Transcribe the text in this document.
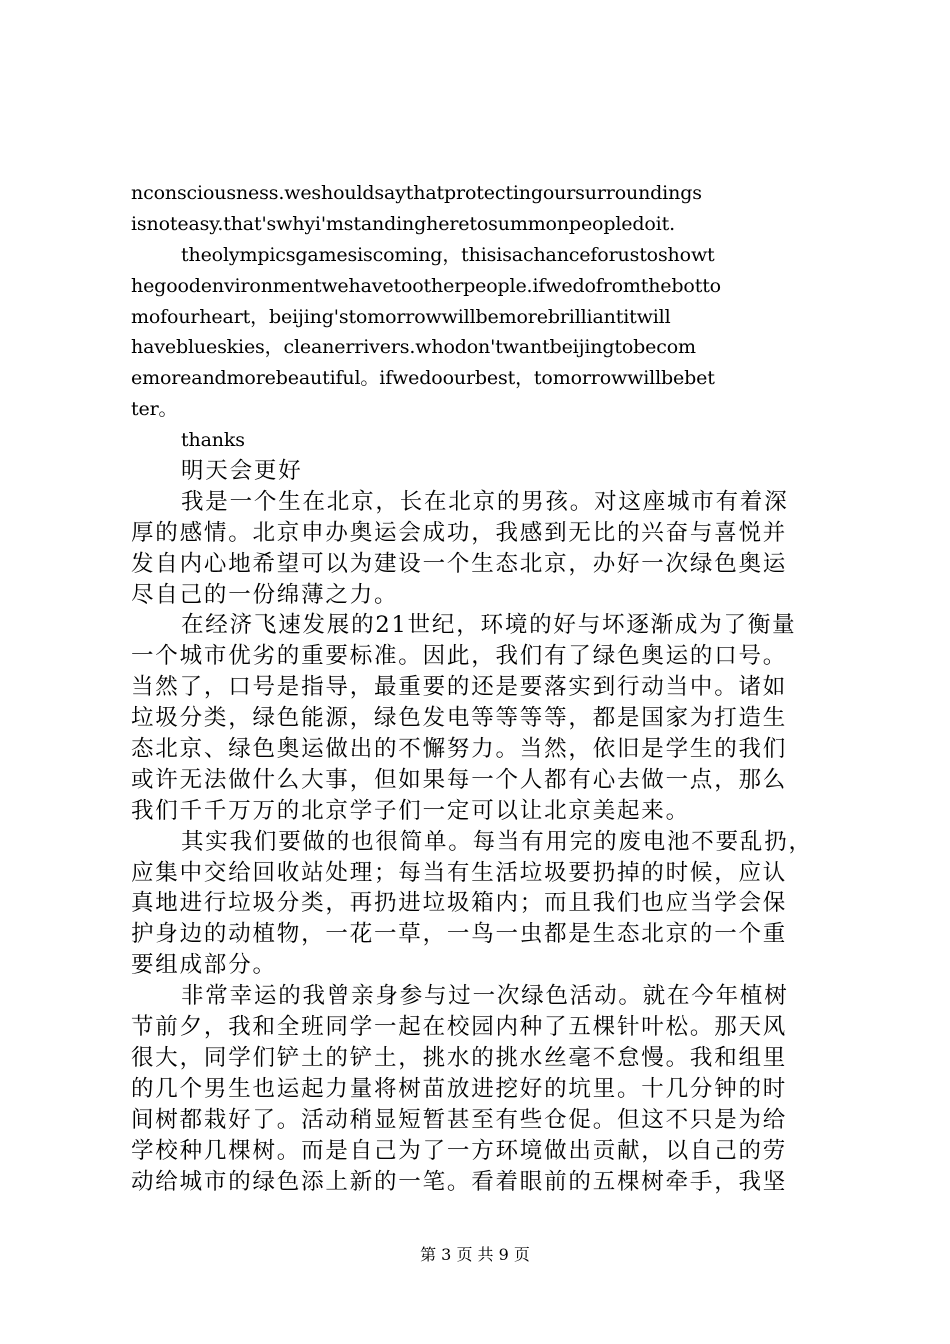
nconsciousness.weshouldsaythatprotectingoursurroundings
isnoteasy.that'swhyi'mstandingheretosummonpeopledoit.
theolympicsgamesiscoming，thisisachanceforustoshowt
hegoodenvironmentwehavetootherpeople.ifwedofromthebotto
mofourheart，beijing'stomorrowwillbemorebrilliantitwill
haveblueskies，cleanerrivers.whodon'twantbeijingtobecom
emoreandmorebeautiful。ifwedoourbest，tomorrowwillbebet
ter。
thanks
明天会更好
我是一个生在北京，长在北京的男孩。对这座城市有着深
厚的感情。北京申办奥运会成功，我感到无比的兴奋与喜悦并
发自内心地希望可以为建设一个生态北京，办好一次绿色奥运
尽自己的一份绵薄之力。
在经济飞速发展的21世纪，环境的好与坏逐渐成为了衡量
一个城市优劣的重要标准。因此，我们有了绿色奥运的口号。
当然了，口号是指导，最重要的还是要落实到行动当中。诸如
垃圾分类，绿色能源，绿色发电等等等等，都是国家为打造生
态北京、绿色奥运做出的不懈努力。当然，依旧是学生的我们
或许无法做什么大事，但如果每一个人都有心去做一点，那么
我们千千万万的北京学子们一定可以让北京美起来。
其实我们要做的也很简单。每当有用完的废电池不要乱扔，
应集中交给回收站处理；每当有生活垃圾要扔掉的时候，应认
真地进行垃圾分类，再扔进垃圾箱内；而且我们也应当学会保
护身边的动植物，一花一草，一鸟一虫都是生态北京的一个重
要组成部分。
非常幸运的我曾亲身参与过一次绿色活动。就在今年植树
节前夕，我和全班同学一起在校园内种了五棵针叶松。那天风
很大，同学们铲土的铲土，挑水的挑水丝毫不怠慢。我和组里
的几个男生也运起力量将树苗放进挖好的坑里。十几分钟的时
间树都栽好了。活动稍显短暂甚至有些仓促。但这不只是为给
学校种几棵树。而是自己为了一方环境做出贡献，以自己的劳
动给城市的绿色添上新的一笔。看着眼前的五棵树牵手，我坚
第 3 页 共 9 页
